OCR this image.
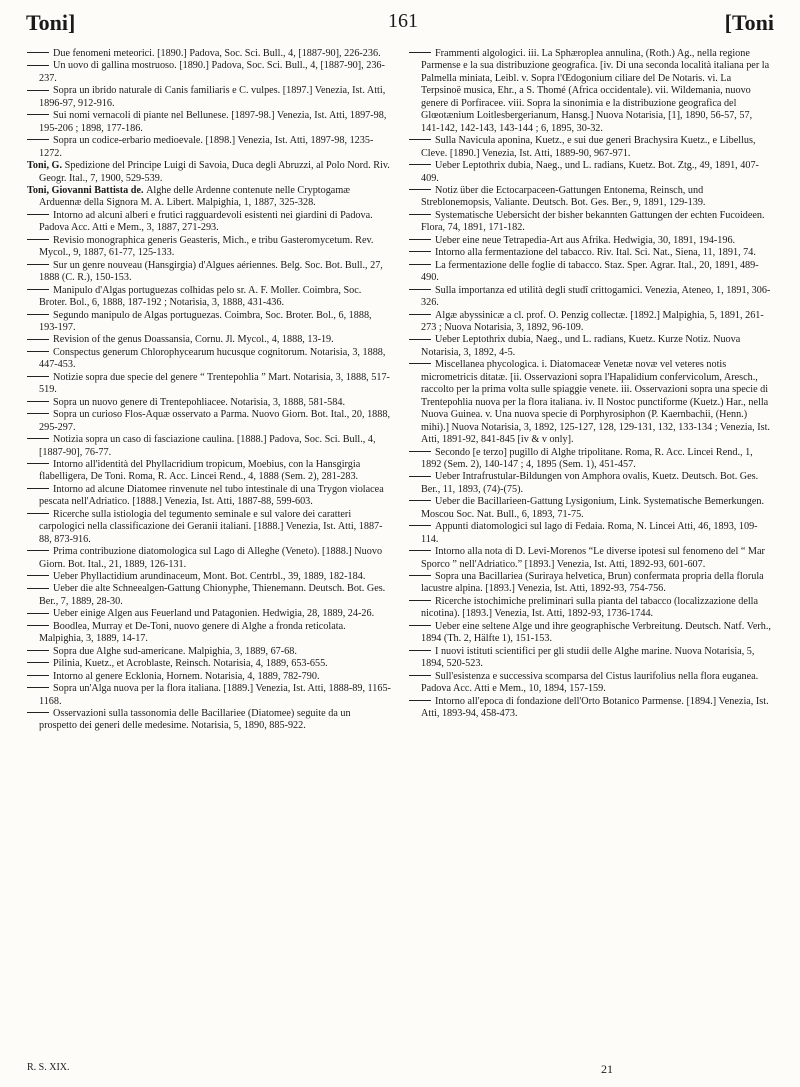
Toni]	161	[Toni

Due fenomeni meteorici. [1890.] Padova, Soc. Sci. Bull., 4, [1887-90], 226-236.

Un uovo di gallina mostruoso. [1890.] Padova, Soc. Sci. Bull., 4, [1887-90], 236-237.

Sopra un ibrido naturale di Canis familiaris e C. vulpes. [1897.] Venezia, Ist. Atti, 1896-97, 912-916.

Sui nomi vernacoli di piante nel Bellunese. [1897-98.] Venezia, Ist. Atti, 1897-98, 195-206 ; 1898, 177-186.

Sopra un codice-erbario medioevale. [1898.] Venezia, Ist. Atti, 1897-98, 1235-1272.

Toni, G. Spedizione del Principe Luigi di Savoia, Duca degli Abruzzi, al Polo Nord. Riv. Geogr. Ital., 7, 1900, 529-539.

Toni, Giovanni Battista de. Alghe delle Ardenne contenute nelle Cryptogamæ Arduennæ della Signora M. A. Libert. Malpighia, 1, 1887, 325-328.

Intorno ad alcuni alberi e frutici ragguardevoli esistenti nei giardini di Padova. Padova Acc. Atti e Mem., 3, 1887, 271-293.

Revisio monographica generis Geasteris, Mich., e tribu Gasteromycetum. Rev. Mycol., 9, 1887, 61-77, 125-133.

Sur un genre nouveau (Hansgirgia) d'Algues aériennes. Belg. Soc. Bot. Bull., 27, 1888 (C. R.), 150-153.

Manipulo d'Algas portuguezas colhidas pelo sr. A. F. Moller. Coimbra, Soc. Broter. Bol., 6, 1888, 187-192 ; Notarisia, 3, 1888, 431-436.

Segundo manipulo de Algas portuguezas. Coimbra, Soc. Broter. Bol., 6, 1888, 193-197.

Revision of the genus Doassansia, Cornu. Jl. Mycol., 4, 1888, 13-19.

Conspectus generum Chlorophycearum hucusque cognitorum. Notarisia, 3, 1888, 447-453.

Notizie sopra due specie del genere “ Trentepohlia ” Mart. Notarisia, 3, 1888, 517-519.

Sopra un nuovo genere di Trentepohliacee. Notarisia, 3, 1888, 581-584.

Sopra un curioso Flos-Aquæ osservato a Parma. Nuovo Giorn. Bot. Ital., 20, 1888, 295-297.

Notizia sopra un caso di fasciazione caulina. [1888.] Padova, Soc. Sci. Bull., 4, [1887-90], 76-77.

Intorno all'identità del Phyllacridium tropicum, Moebius, con la Hansgirgia flabelligera, De Toni. Roma, R. Acc. Lincei Rend., 4, 1888 (Sem. 2), 281-283.

Intorno ad alcune Diatomee rinvenute nel tubo intestinale di una Trygon violacea pescata nell'Adriatico. [1888.] Venezia, Ist. Atti, 1887-88, 599-603.

Ricerche sulla istiologia del tegumento seminale e sul valore dei caratteri carpologici nella classificazione dei Geranii italiani. [1888.] Venezia, Ist. Atti, 1887-88, 873-916.

Prima contribuzione diatomologica sul Lago di Alleghe (Veneto). [1888.] Nuovo Giorn. Bot. Ital., 21, 1889, 126-131.

Ueber Phyllactidium arundinaceum, Mont. Bot. Centrbl., 39, 1889, 182-184.

Ueber die alte Schneealgen-Gattung Chionyphe, Thienemann. Deutsch. Bot. Ges. Ber., 7, 1889, 28-30.

Ueber einige Algen aus Feuerland und Patagonien. Hedwigia, 28, 1889, 24-26.

Boodlea, Murray et De-Toni, nuovo genere di Alghe a fronda reticolata. Malpighia, 3, 1889, 14-17.

Sopra due Alghe sud-americane. Malpighia, 3, 1889, 67-68.

Pilinia, Kuetz., et Acroblaste, Reinsch. Notarisia, 4, 1889, 653-655.

Intorno al genere Ecklonia, Hornem. Notarisia, 4, 1889, 782-790.

Sopra un'Alga nuova per la flora italiana. [1889.] Venezia, Ist. Atti, 1888-89, 1165-1168.

Osservazioni sulla tassonomia delle Bacillariee (Diatomee) seguite da un prospetto dei generi delle medesime. Notarisia, 5, 1890, 885-922.

Frammenti algologici. iii. La Sphæroplea annulina, (Roth.) Ag., nella regione Parmense e la sua distribuzione geografica. [iv. Di una seconda località italiana per la Palmella miniata, Leibl. v. Sopra l'Œdogonium ciliare del De Notaris. vi. La Terpsinoë musica, Ehr., a S. Thomé (Africa occidentale). vii. Wildemania, nuovo genere di Porfiracee. viii. Sopra la sinonimia e la distribuzione geografica del Glœotænium Loitlesbergerianum, Hansg.] Nuova Notarisia, [1], 1890, 56-57, 57, 141-142, 142-143, 143-144 ; 6, 1895, 30-32.

Sulla Navicula aponina, Kuetz., e sui due generi Brachysira Kuetz., e Libellus, Cleve. [1890.] Venezia, Ist. Atti, 1889-90, 967-971.

Ueber Leptothrix dubia, Naeg., und L. radians, Kuetz. Bot. Ztg., 49, 1891, 407-409.

Notiz über die Ectocarpaceen-Gattungen Entonema, Reinsch, und Streblonemopsis, Valiante. Deutsch. Bot. Ges. Ber., 9, 1891, 129-139.

Systematische Uebersicht der bisher bekannten Gattungen der echten Fucoideen. Flora, 74, 1891, 171-182.

Ueber eine neue Tetrapedia-Art aus Afrika. Hedwigia, 30, 1891, 194-196.

Intorno alla fermentazione del tabacco. Riv. Ital. Sci. Nat., Siena, 11, 1891, 74.

La fermentazione delle foglie di tabacco. Staz. Sper. Agrar. Ital., 20, 1891, 489-490.

Sulla importanza ed utilità degli studî crittogamici. Venezia, Ateneo, 1, 1891, 306-326.

Algæ abyssinicæ a cl. prof. O. Penzig collectæ. [1892.] Malpighia, 5, 1891, 261-273 ; Nuova Notarisia, 3, 1892, 96-109.

Ueber Leptothrix dubia, Naeg., und L. radians, Kuetz. Kurze Notiz. Nuova Notarisia, 3, 1892, 4-5.

Miscellanea phycologica. i. Diatomaceæ Venetæ novæ vel veteres notis micrometricis ditatæ. [ii. Osservazioni sopra l'Hapalidium confervicolum, Aresch., raccolto per la prima volta sulle spiaggie venete. iii. Osservazioni sopra una specie di Trentepohlia nuova per la flora italiana. iv. Il Nostoc punctiforme (Kuetz.) Har., nella Nuova Guinea. v. Una nuova specie di Porphyrosiphon (P. Kaernbachii, (Henn.) mihi).] Nuova Notarisia, 3, 1892, 125-127, 128, 129-131, 132, 133-134 ; Venezia, Ist. Atti, 1891-92, 841-845 [iv & v only].

Secondo [e terzo] pugillo di Alghe tripolitane. Roma, R. Acc. Lincei Rend., 1, 1892 (Sem. 2), 140-147 ; 4, 1895 (Sem. 1), 451-457.

Ueber Intrafrustular-Bildungen von Amphora ovalis, Kuetz. Deutsch. Bot. Ges. Ber., 11, 1893, (74)-(75).

Ueber die Bacillarieen-Gattung Lysigonium, Link. Systematische Bemerkungen. Moscou Soc. Nat. Bull., 6, 1893, 71-75.

Appunti diatomologici sul lago di Fedaia. Roma, N. Lincei Atti, 46, 1893, 109-114.

Intorno alla nota di D. Levi-Morenos “Le diverse ipotesi sul fenomeno del “ Mar Sporco ” nell'Adriatico.” [1893.] Venezia, Ist. Atti, 1892-93, 601-607.

Sopra una Bacillariea (Suriraya helvetica, Brun) confermata propria della florula lacustre alpina. [1893.] Venezia, Ist. Atti, 1892-93, 754-756.

Ricerche istochimiche preliminari sulla pianta del tabacco (localizzazione della nicotina). [1893.] Venezia, Ist. Atti, 1892-93, 1736-1744.

Ueber eine seltene Alge und ihre geographische Verbreitung. Deutsch. Natf. Verh., 1894 (Th. 2, Hälfte 1), 151-153.

I nuovi istituti scientifici per gli studii delle Alghe marine. Nuova Notarisia, 5, 1894, 520-523.

Sull'esistenza e successiva scomparsa del Cistus laurifolius nella flora euganea. Padova Acc. Atti e Mem., 10, 1894, 157-159.

Intorno all'epoca di fondazione dell'Orto Botanico Parmense. [1894.] Venezia, Ist. Atti, 1893-94, 458-473.

R. S. XIX.	21
